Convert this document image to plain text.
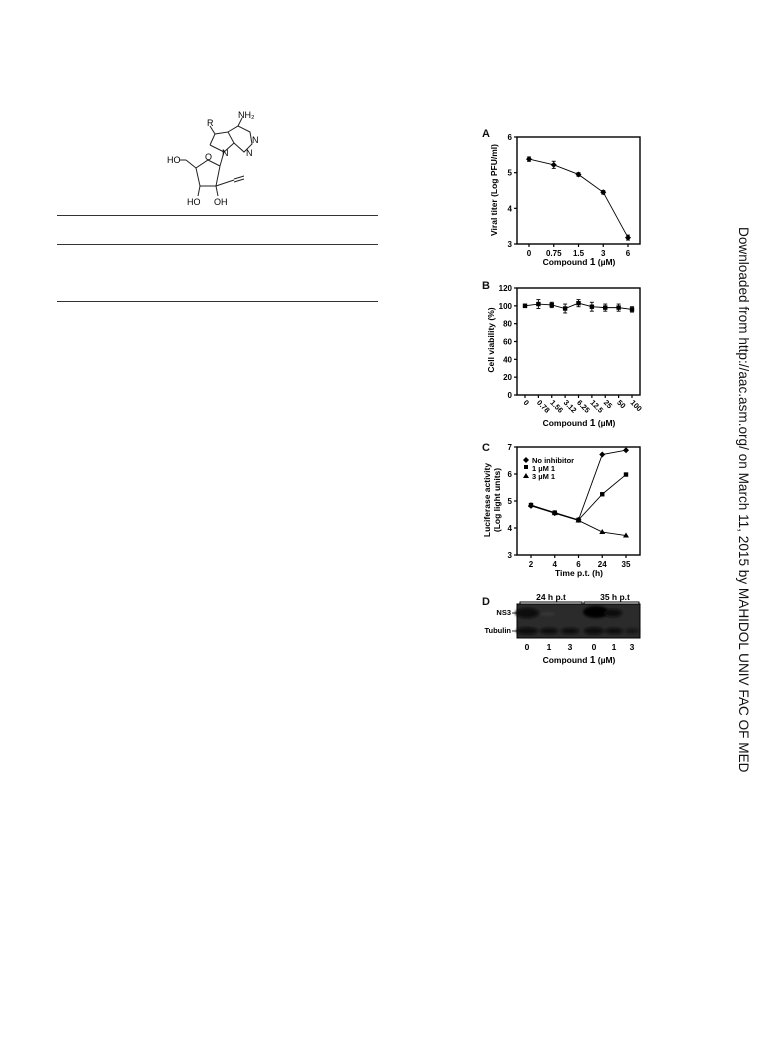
R
NH₂
HO	O
N
N
N
HO OH
A
B
C
D
Viral titer (Log PFU/ml)
Compound 1 (µM)
6
5
4
3
0 0.75 1.5 3	6
Cell viability (%)
Compound 1 (µM)
120
100
80
60
40
20
0
0 0.78
1.56
3.12
6.25
12.5
25 50 100
Luciferase activity (Log light units)
Time p.t. (h)
No inhibitor
1 µM 1
3 µM 1
7
6
5
4
3
2 4 6 24 35
24 h p.t	35 h p.t
NS3
Tubulin
0 1 3 0 1 3
Compound 1 (µM)	Downloaded from http://aac.asm.org/ on March 11, 2015 by MAHIDOL UNIV FAC OF MED
